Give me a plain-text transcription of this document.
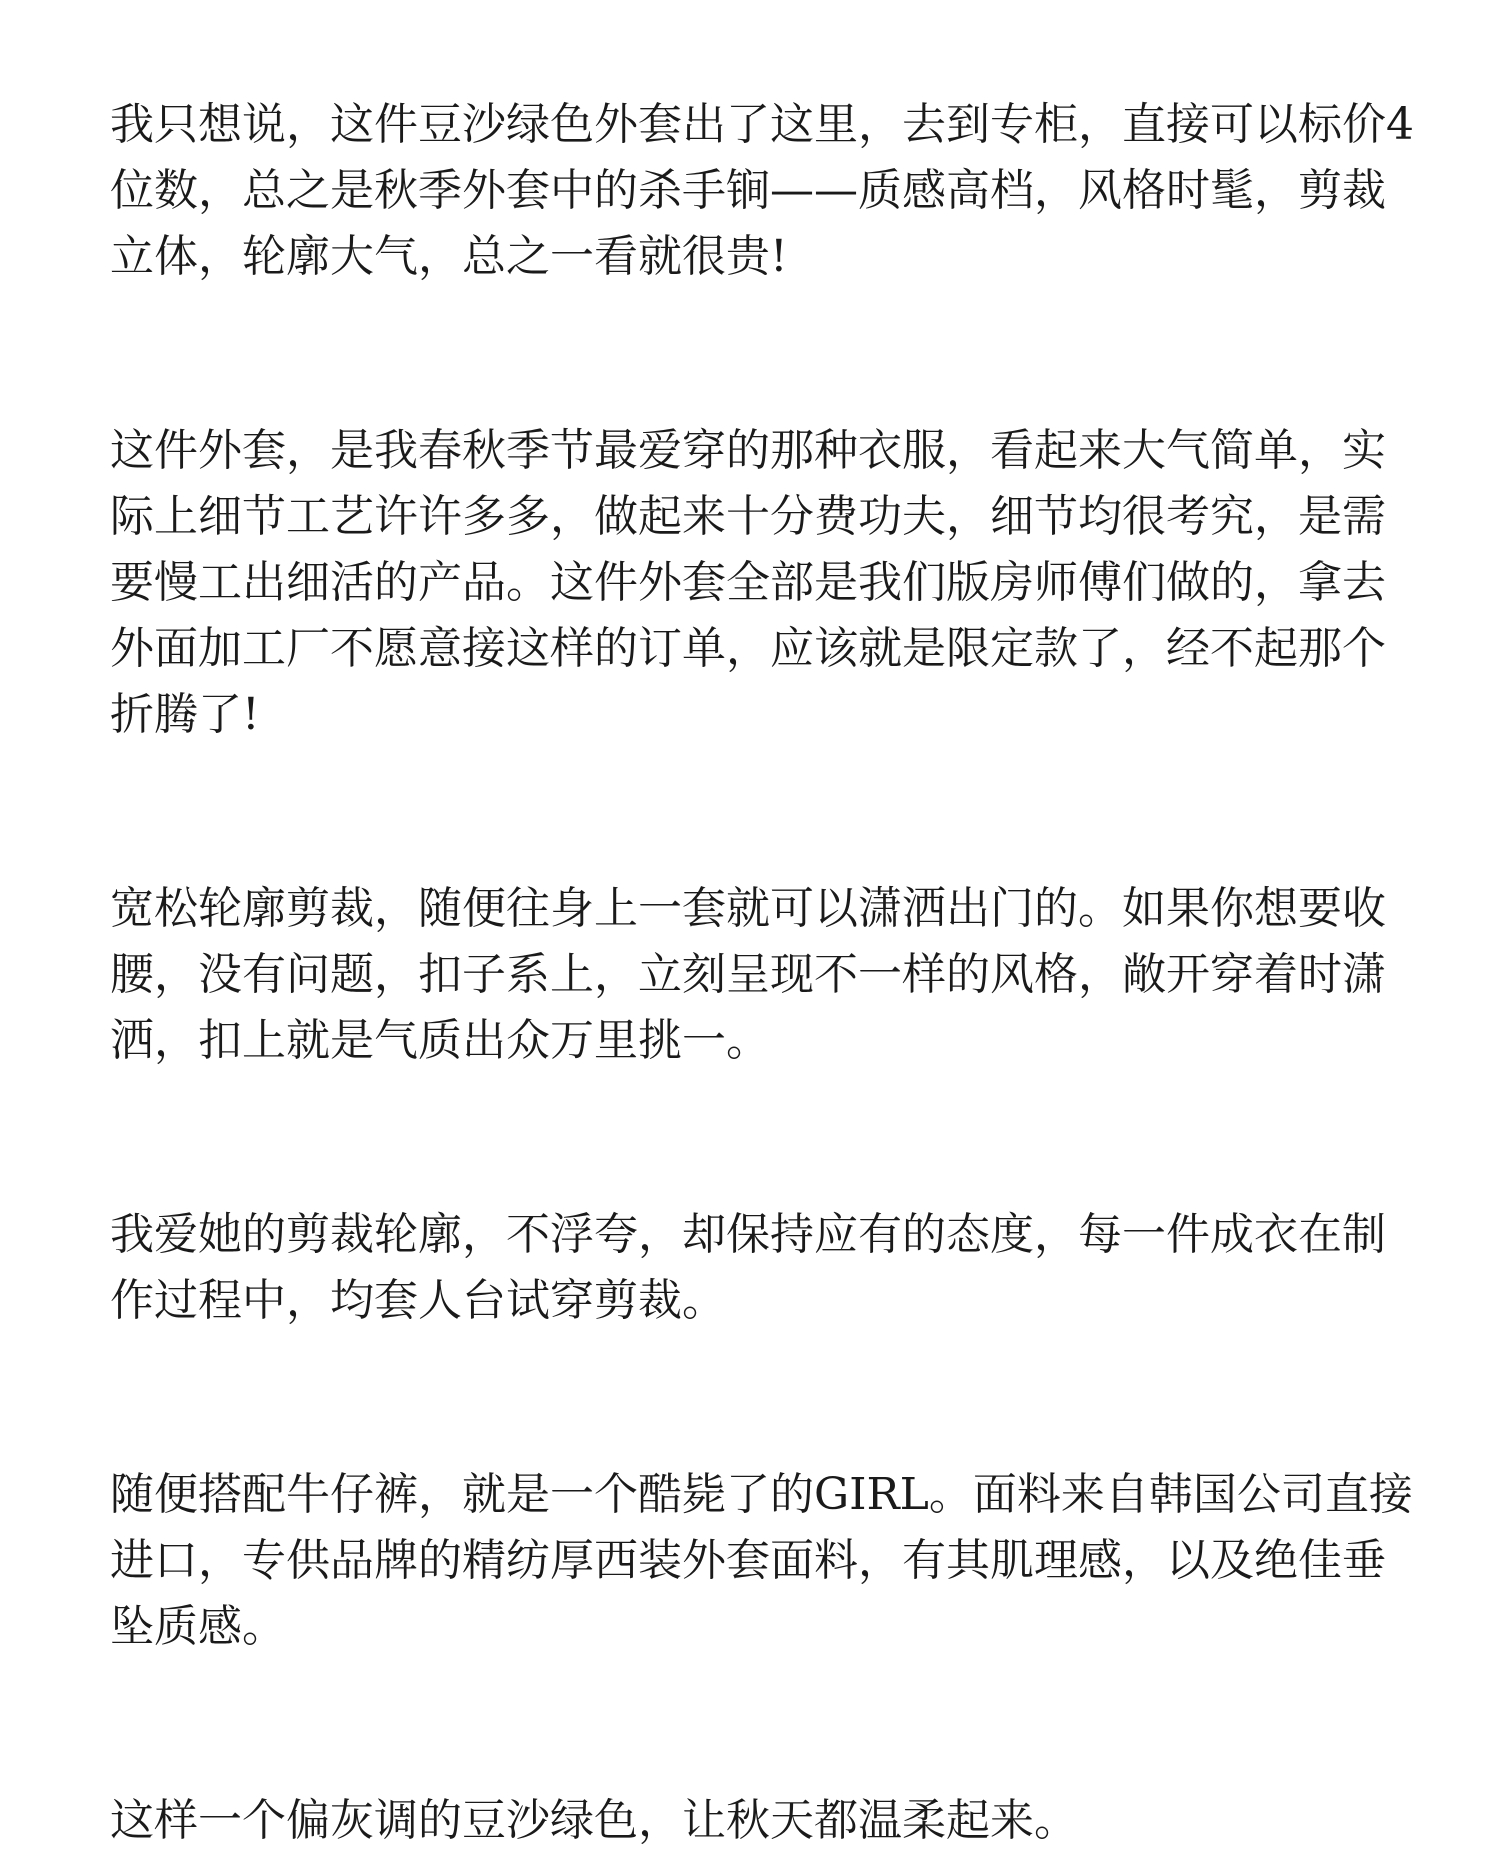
我只想说，这件豆沙绿色外套出了这里，去到专柜，直接可以标价4
位数，总之是秋季外套中的杀手锏——质感高档，风格时髦，剪裁
立体，轮廓大气，总之一看就很贵!
这件外套，是我春秋季节最爱穿的那种衣服，看起来大气简单，实
际上细节工艺许许多多，做起来十分费功夫，细节均很考究，是需
要慢工出细活的产品。这件外套全部是我们版房师傅们做的，拿去
外面加工厂不愿意接这样的订单，应该就是限定款了，经不起那个
折腾了!
宽松轮廓剪裁，随便往身上一套就可以潇洒出门的。如果你想要收
腰，没有问题，扣子系上，立刻呈现不一样的风格，敞开穿着时潇
洒，扣上就是气质出众万里挑一。
我爱她的剪裁轮廓，不浮夸，却保持应有的态度，每一件成衣在制
作过程中，均套人台试穿剪裁。
随便搭配牛仔裤，就是一个酷毙了的GIRL。面料来自韩国公司直接
进口，专供品牌的精纺厚西装外套面料，有其肌理感，以及绝佳垂
坠质感。
这样一个偏灰调的豆沙绿色，让秋天都温柔起来。
